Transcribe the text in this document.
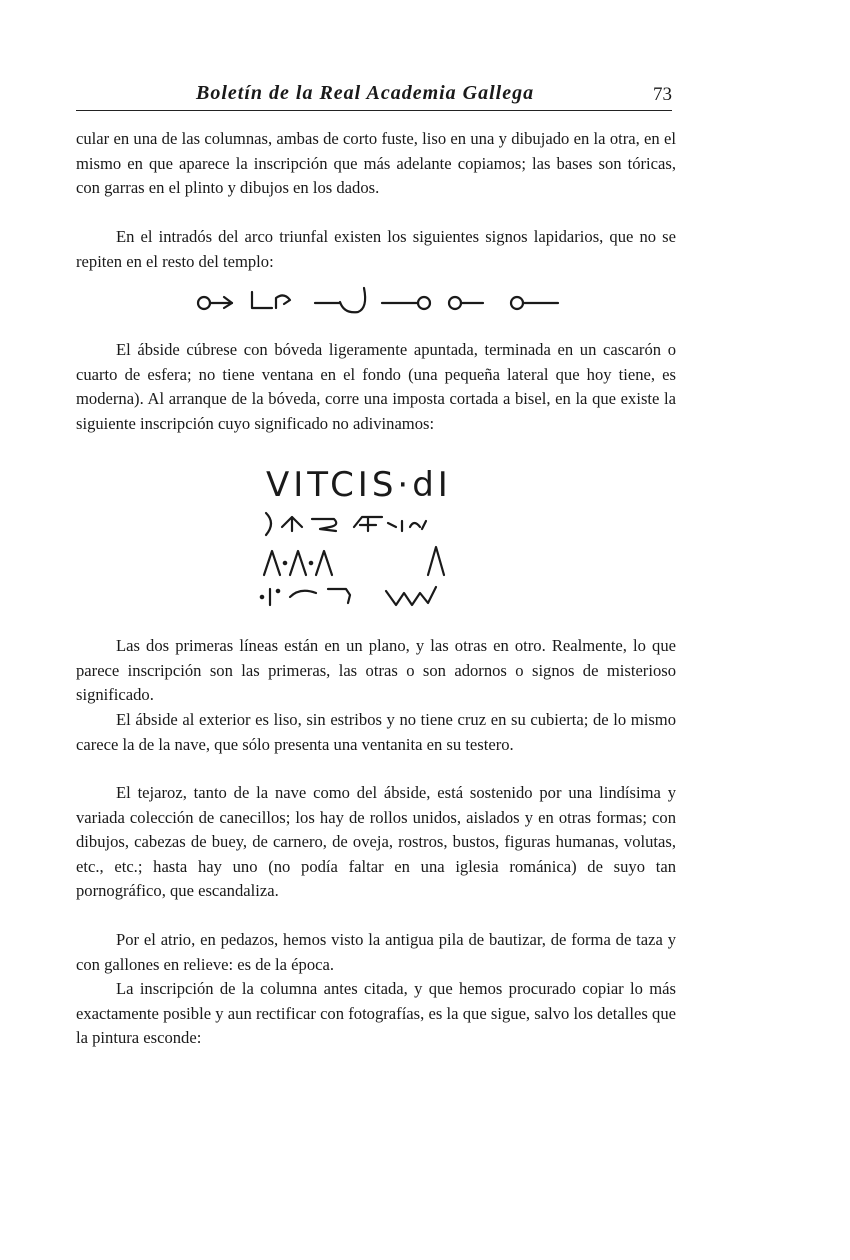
Boletín de la Real Academia Gallega	73

cular en una de las columnas, ambas de corto fuste, liso en una y dibujado en la otra, en el mismo en que aparece la inscripción que más adelante copiamos; las bases son tóricas, con garras en el plinto y dibujos en los dados.

En el intradós del arco triunfal existen los siguientes signos lapidarios, que no se repiten en el resto del templo:

El ábside cúbrese con bóveda ligeramente apuntada, terminada en un cascarón o cuarto de esfera; no tiene ventana en el fondo (una pequeña lateral que hoy tiene, es moderna). Al arranque de la bóveda, corre una imposta cortada a bisel, en la que existe la siguiente inscripción cuyo significado no adivinamos:

VITCIS·dI

Las dos primeras líneas están en un plano, y las otras en otro. Realmente, lo que parece inscripción son las primeras, las otras o son adornos o signos de misterioso significado.

El ábside al exterior es liso, sin estribos y no tiene cruz en su cubierta; de lo mismo carece la de la nave, que sólo presenta una ventanita en su testero.

El tejaroz, tanto de la nave como del ábside, está sostenido por una lindísima y variada colección de canecillos; los hay de rollos unidos, aislados y en otras formas; con dibujos, cabezas de buey, de carnero, de oveja, rostros, bustos, figuras humanas, volutas, etc., etc.; hasta hay uno (no podía faltar en una iglesia románica) de suyo tan pornográfico, que escandaliza.

Por el atrio, en pedazos, hemos visto la antigua pila de bautizar, de forma de taza y con gallones en relieve: es de la época.

La inscripción de la columna antes citada, y que hemos procurado copiar lo más exactamente posible y aun rectificar con fotografías, es la que sigue, salvo los detalles que la pintura esconde:
